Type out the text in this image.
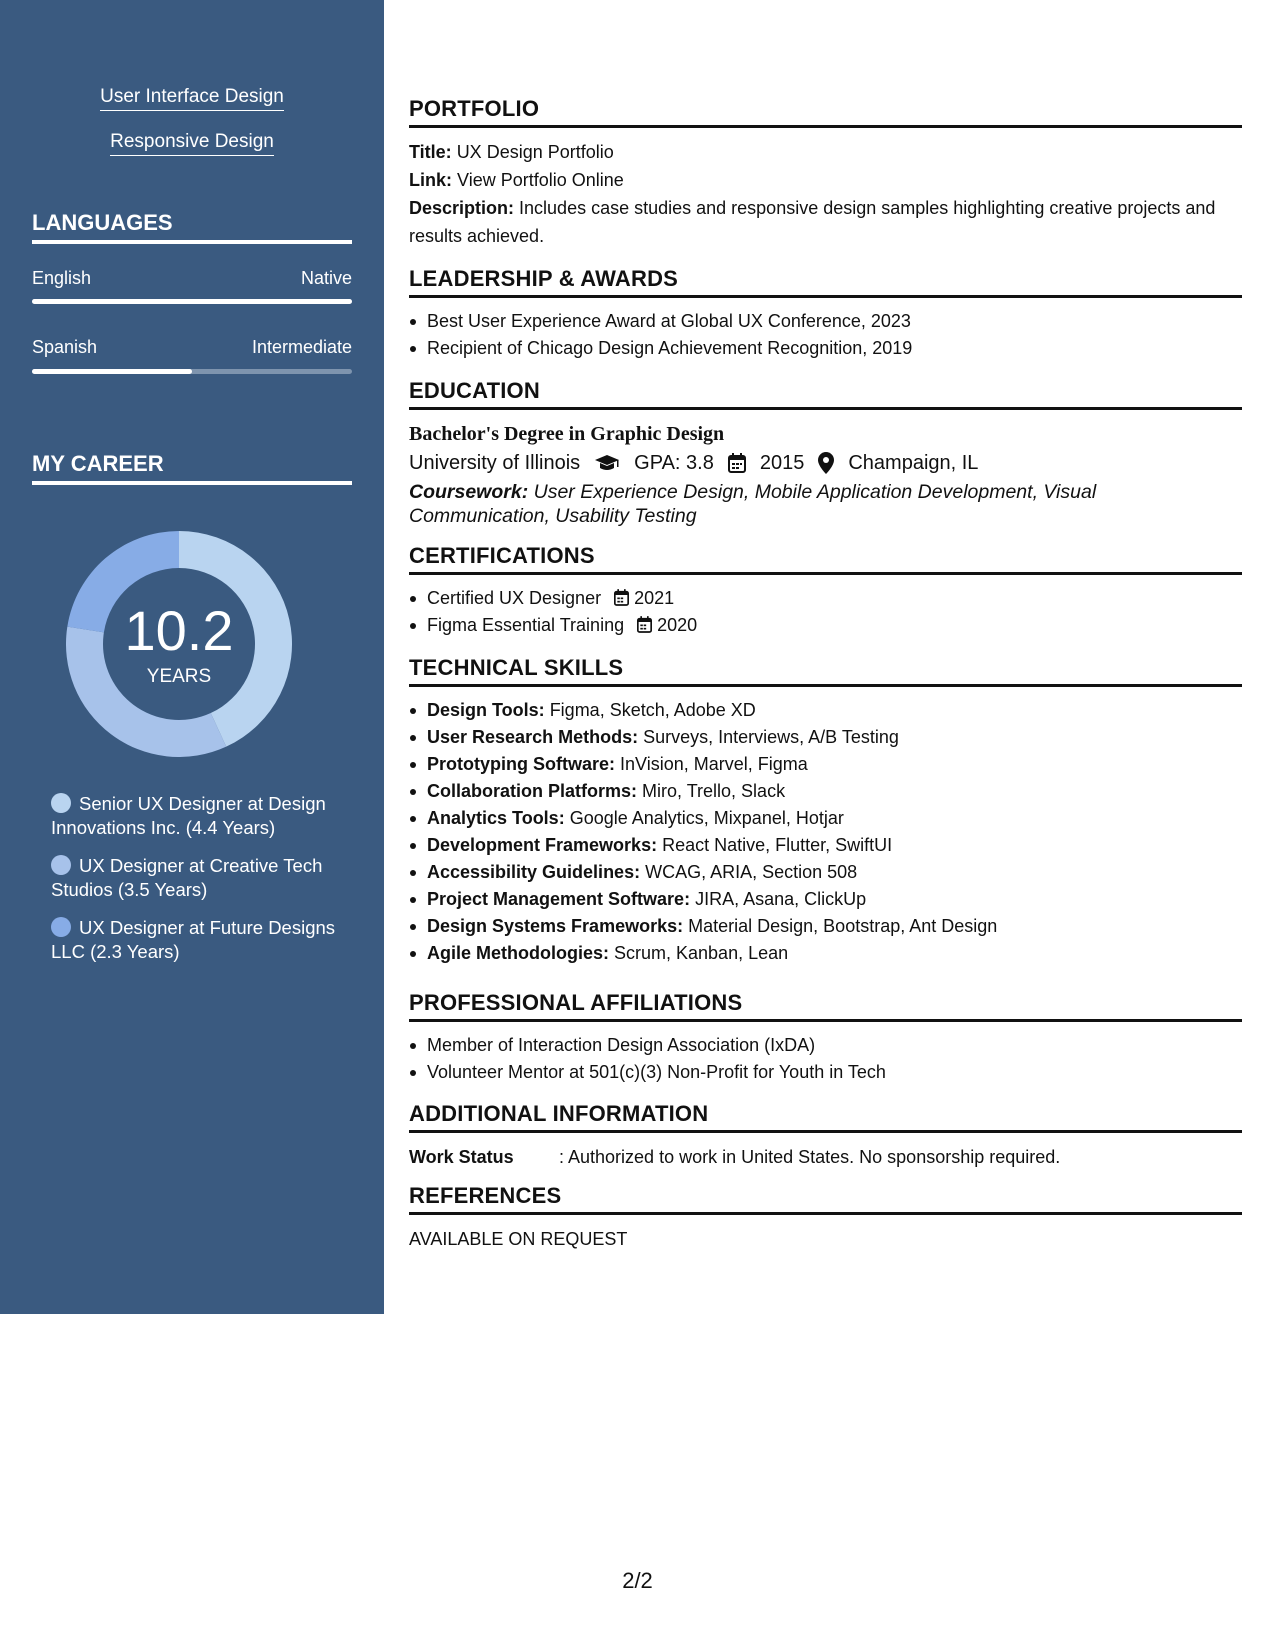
User Interface Design
Responsive Design
LANGUAGES
English	Native
Spanish	Intermediate
MY CAREER
10.2
YEARS
Senior UX Designer at Design Innovations Inc. (4.4 Years)
UX Designer at Creative Tech Studios (3.5 Years)
UX Designer at Future Designs LLC (2.3 Years)
PORTFOLIO
Title: UX Design Portfolio
Link: View Portfolio Online
Description: Includes case studies and responsive design samples highlighting creative projects and results achieved.
LEADERSHIP & AWARDS
Best User Experience Award at Global UX Conference, 2023
Recipient of Chicago Design Achievement Recognition, 2019
EDUCATION
Bachelor's Degree in Graphic Design
University of Illinois	GPA: 3.8 2015 Champaign, IL
Coursework: User Experience Design, Mobile Application Development, Visual Communication, Usability Testing
CERTIFICATIONS
Certified UX Designer 2021
Figma Essential Training 2020
TECHNICAL SKILLS
Design Tools: Figma, Sketch, Adobe XD
User Research Methods: Surveys, Interviews, A/B Testing
Prototyping Software: InVision, Marvel, Figma
Collaboration Platforms: Miro, Trello, Slack
Analytics Tools: Google Analytics, Mixpanel, Hotjar
Development Frameworks: React Native, Flutter, SwiftUI
Accessibility Guidelines: WCAG, ARIA, Section 508
Project Management Software: JIRA, Asana, ClickUp
Design Systems Frameworks: Material Design, Bootstrap, Ant Design
Agile Methodologies: Scrum, Kanban, Lean
PROFESSIONAL AFFILIATIONS
Member of Interaction Design Association (IxDA)
Volunteer Mentor at 501(c)(3) Non-Profit for Youth in Tech
ADDITIONAL INFORMATION
Work Status	: Authorized to work in United States. No sponsorship required.
REFERENCES
AVAILABLE ON REQUEST
2/2
